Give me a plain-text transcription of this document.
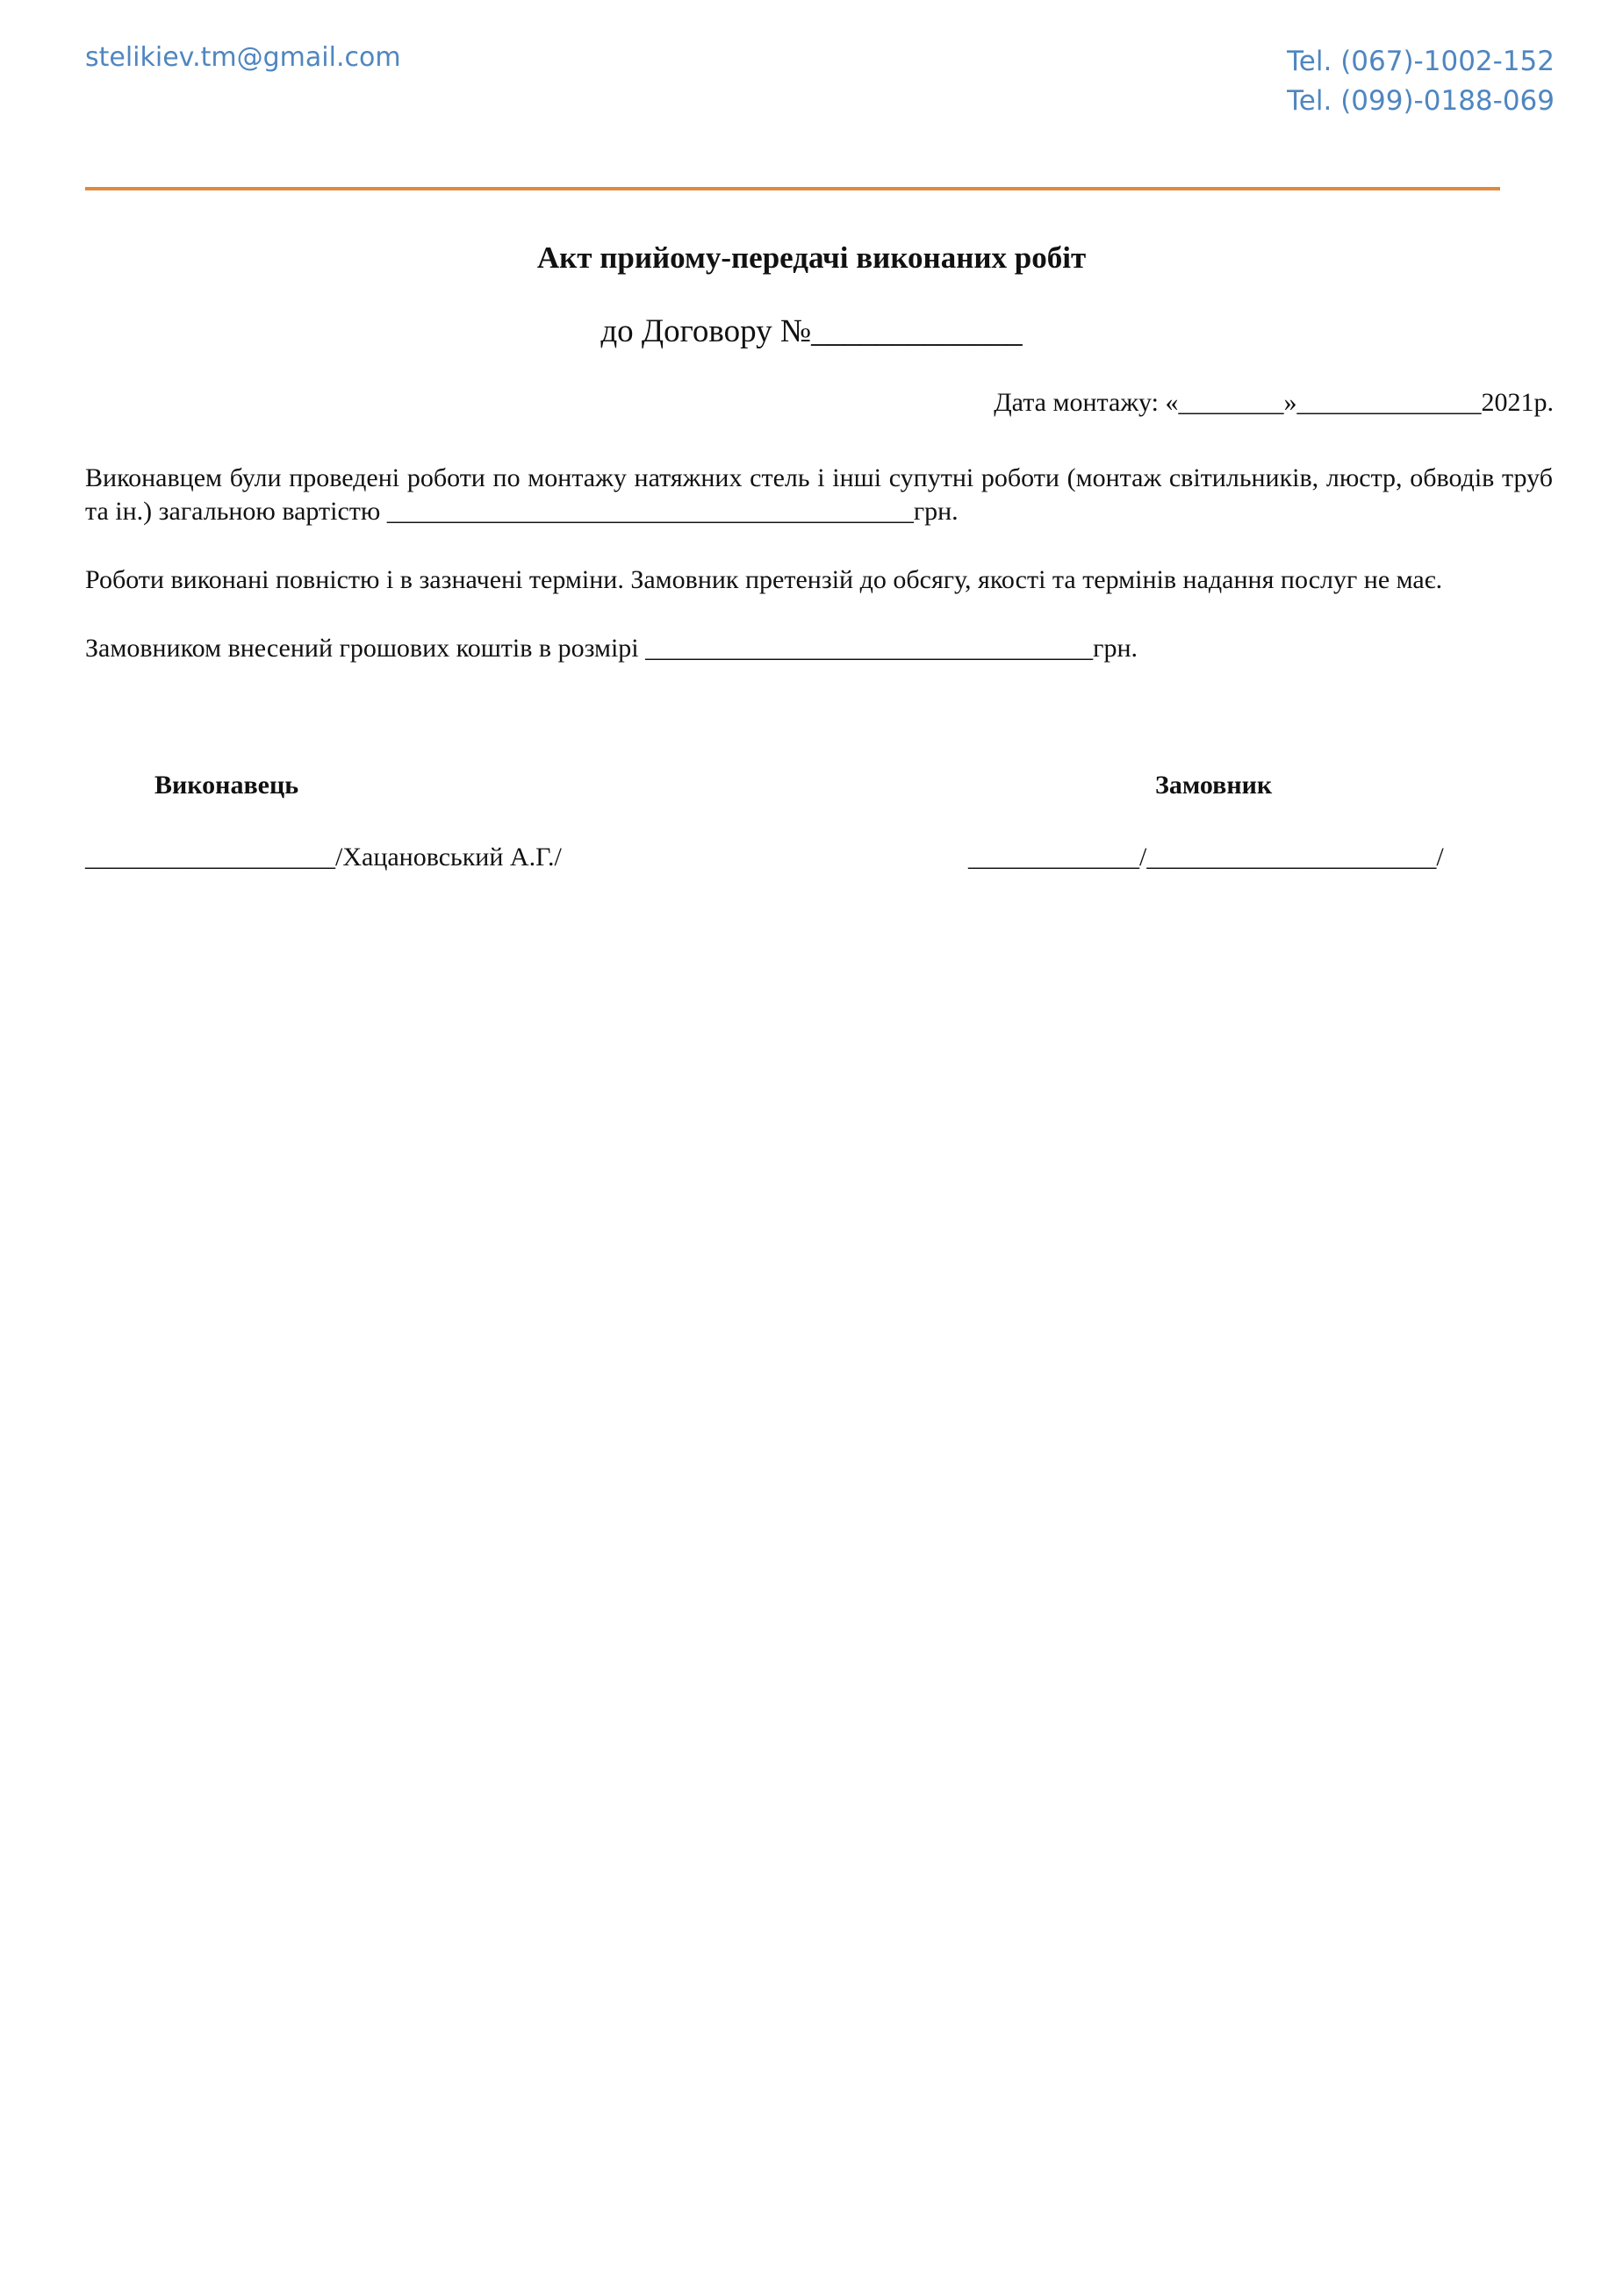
stelikiev.tm@gmail.com	Tel. (067)-1002-152
Tel. (099)-0188-069
Акт прийому-передачі виконаних робіт
до Договору №_____________
Дата монтажу: «________»______________2021р.
Виконавцем були проведені роботи по монтажу натяжних стель і інші супутні роботи (монтаж світильників, люстр, обводів труб та ін.) загальною вартістю ________________________________________грн.
Роботи виконані повністю і в зазначені терміни. Замовник претензій до обсягу, якості та термінів надання послуг не має.
Замовником внесений грошових коштів в розмірі __________________________________грн.
Виконавець	Замовник
___________________/Хацановський А.Г./	_____________/______________________/
